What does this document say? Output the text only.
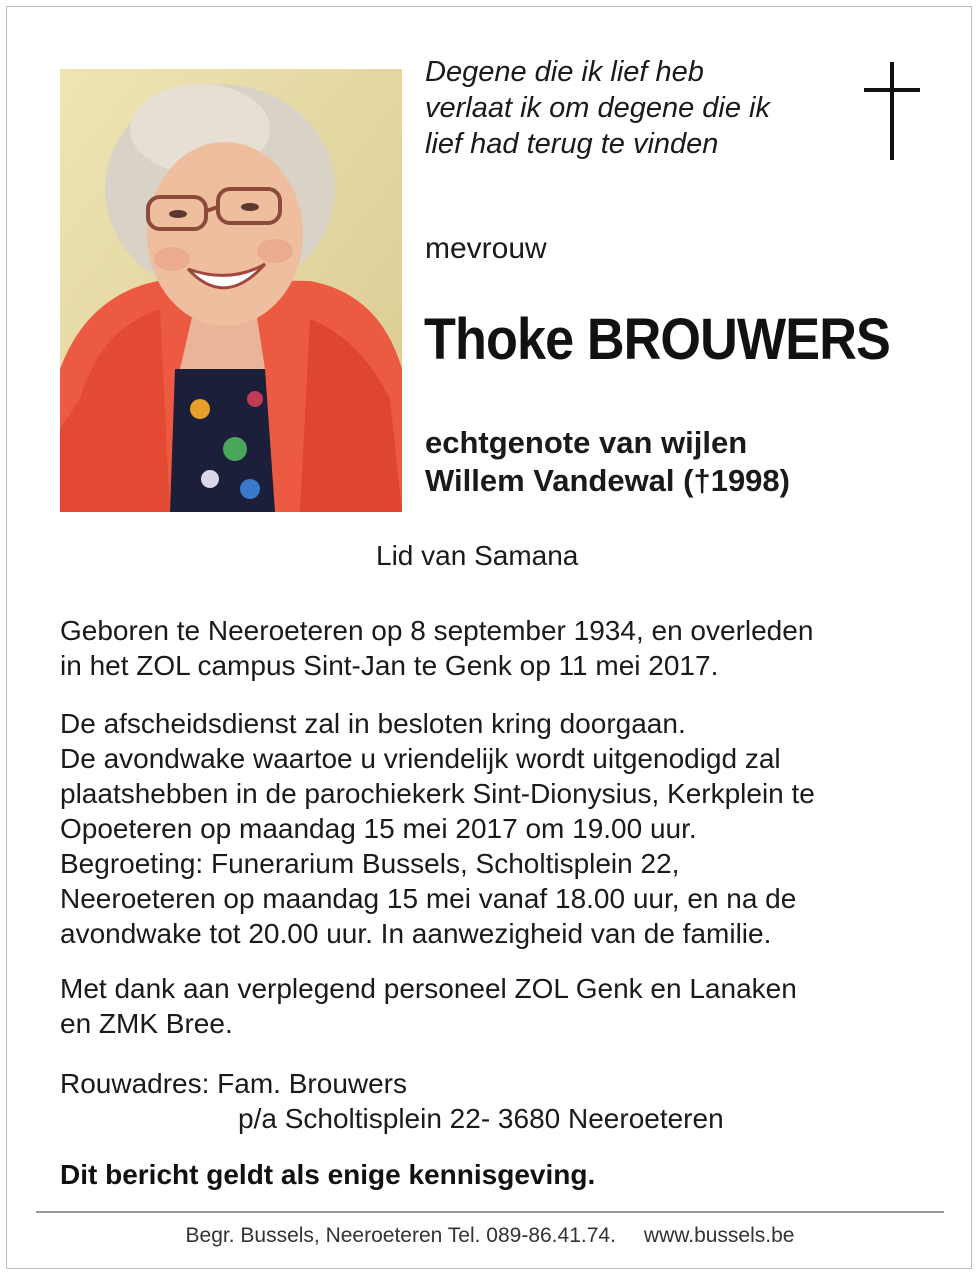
Degene die ik lief heb
verlaat ik om degene die ik
lief had terug te vinden
mevrouw
Thoke BROUWERS
echtgenote van wijlen
Willem Vandewal (†1998)
Lid van Samana
Geboren te Neeroeteren op 8 september 1934, en overleden
in het ZOL campus Sint-Jan te Genk op 11 mei 2017.
De afscheidsdienst zal in besloten kring doorgaan.
De avondwake waartoe u vriendelijk wordt uitgenodigd zal
plaatshebben in de parochiekerk Sint-Dionysius, Kerkplein te
Opoeteren op maandag 15 mei 2017 om 19.00 uur.
Begroeting: Funerarium Bussels, Scholtisplein 22,
Neeroeteren op maandag 15 mei vanaf 18.00 uur, en na de
avondwake tot 20.00 uur. In aanwezigheid van de familie.
Met dank aan verplegend personeel ZOL Genk en Lanaken
en ZMK Bree.
Rouwadres: Fam. Brouwers
p/a Scholtisplein 22- 3680 Neeroeteren
Dit bericht geldt als enige kennisgeving.
Begr. Bussels, Neeroeteren Tel. 089-86.41.74. www.bussels.be
